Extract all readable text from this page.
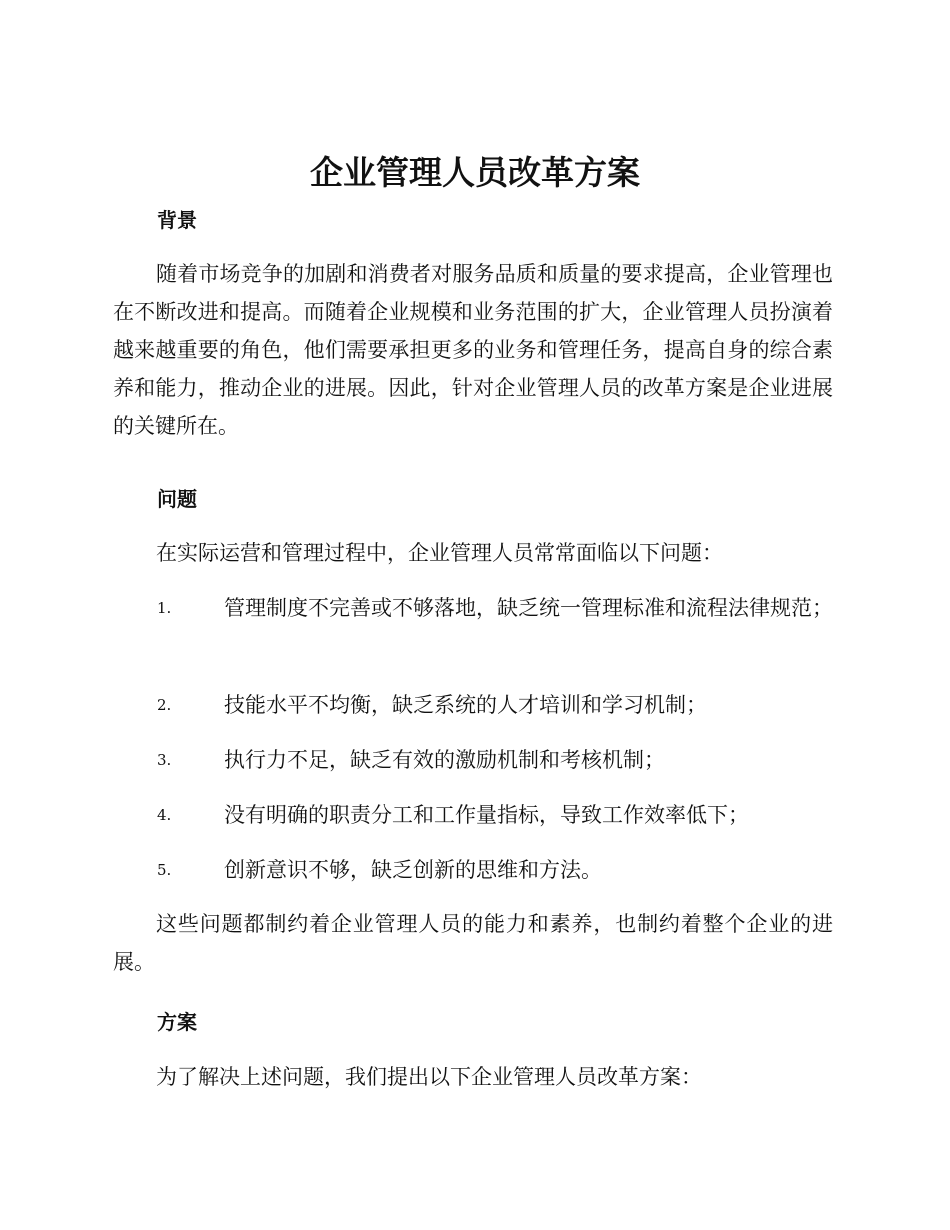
企业管理人员改革方案
背景

随着市场竞争的加剧和消费者对服务品质和质量的要求提高，企业管理也在不断改进和提高。而随着企业规模和业务范围的扩大，企业管理人员扮演着越来越重要的角色，他们需要承担更多的业务和管理任务，提高自身的综合素养和能力，推动企业的进展。因此，针对企业管理人员的改革方案是企业进展的关键所在。

问题

在实际运营和管理过程中，企业管理人员常常面临以下问题：

1.	管理制度不完善或不够落地，缺乏统一管理标准和流程法律规范；
2.	技能水平不均衡，缺乏系统的人才培训和学习机制；
3.	执行力不足，缺乏有效的激励机制和考核机制；
4.	没有明确的职责分工和工作量指标，导致工作效率低下；
5.	创新意识不够，缺乏创新的思维和方法。

这些问题都制约着企业管理人员的能力和素养，也制约着整个企业的进展。

方案

为了解决上述问题，我们提出以下企业管理人员改革方案：
